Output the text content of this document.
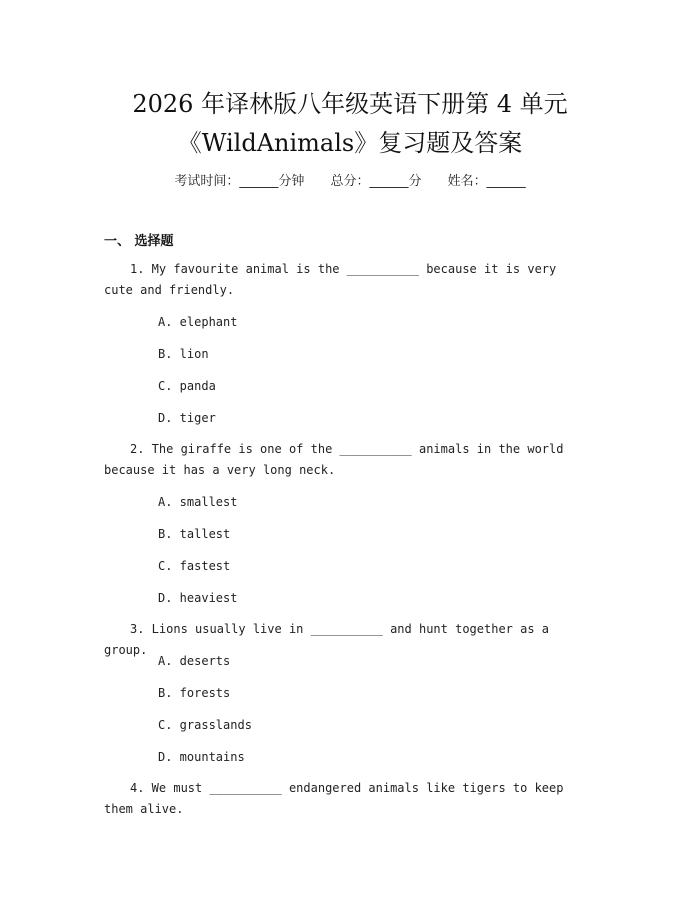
2026 年译林版八年级英语下册第 4 单元
《WildAnimals》复习题及答案
考试时间：______分钟 总分：______分 姓名：______
一、 选择题
1. My favourite animal is the __________ because it is very cute and friendly.
A. elephant
B. lion
C. panda
D. tiger
2. The giraffe is one of the __________ animals in the world because it has a very long neck.
A. smallest
B. tallest
C. fastest
D. heaviest
3. Lions usually live in __________ and hunt together as a group.
A. deserts
B. forests
C. grasslands
D. mountains
4. We must __________ endangered animals like tigers to keep them alive.
